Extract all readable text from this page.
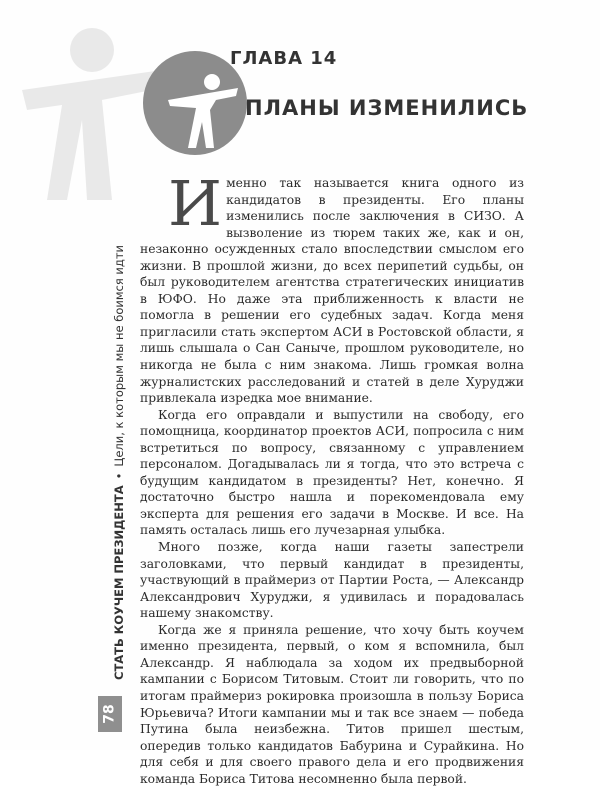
ГЛАВА 14
ПЛАНЫ ИЗМЕНИЛИСЬ
СТАТЬ КОУЧЕМ ПРЕЗИДЕНТА•Цели, к которым мы не боимся идти
78
И менно так называется книга одного из кандидатов в президенты. Его планы изменились после заключения в СИЗО. А вызволение из тюрем таких же, как и он, незаконно осужденных стало впоследствии смыслом его жизни. В прошлой жизни, до всех перипетий судьбы, он был руководителем агентства стратегических инициатив в ЮФО. Но даже эта приближенность к власти не помогла в решении его судебных задач. Когда меня пригласили стать экспертом АСИ в Ростовской области, я лишь слышала о Сан Саныче, прошлом руководителе, но никогда не была с ним знакома. Лишь громкая волна журналистских расследований и статей в деле Хуруджи привлекала изредка мое внимание.

Когда его оправдали и выпустили на свободу, его помощница, координатор проектов АСИ, попросила с ним встретиться по вопросу, связанному с управлением персоналом. Догадывалась ли я тогда, что это встреча с будущим кандидатом в президенты? Нет, конечно. Я достаточно быстро нашла и порекомендовала ему эксперта для решения его задачи в Москве. И все. На память осталась лишь его лучезарная улыбка.

Много позже, когда наши газеты запестрели заголовками, что первый кандидат в президенты, участвующий в праймериз от Партии Роста, — Александр Александрович Хуруджи, я удивилась и порадовалась нашему знакомству.

Когда же я приняла решение, что хочу быть коучем именно президента, первый, о ком я вспомнила, был Александр. Я наблюдала за ходом их предвыборной кампании с Борисом Титовым. Стоит ли говорить, что по итогам праймериз рокировка произошла в пользу Бориса Юрьевича? Итоги кампании мы и так все знаем — победа Путина была неизбежна. Титов пришел шестым, опередив только кандидатов Бабурина и Сурайкина. Но для себя и для своего правого дела и его продвижения команда Бориса Титова несомненно была первой.
